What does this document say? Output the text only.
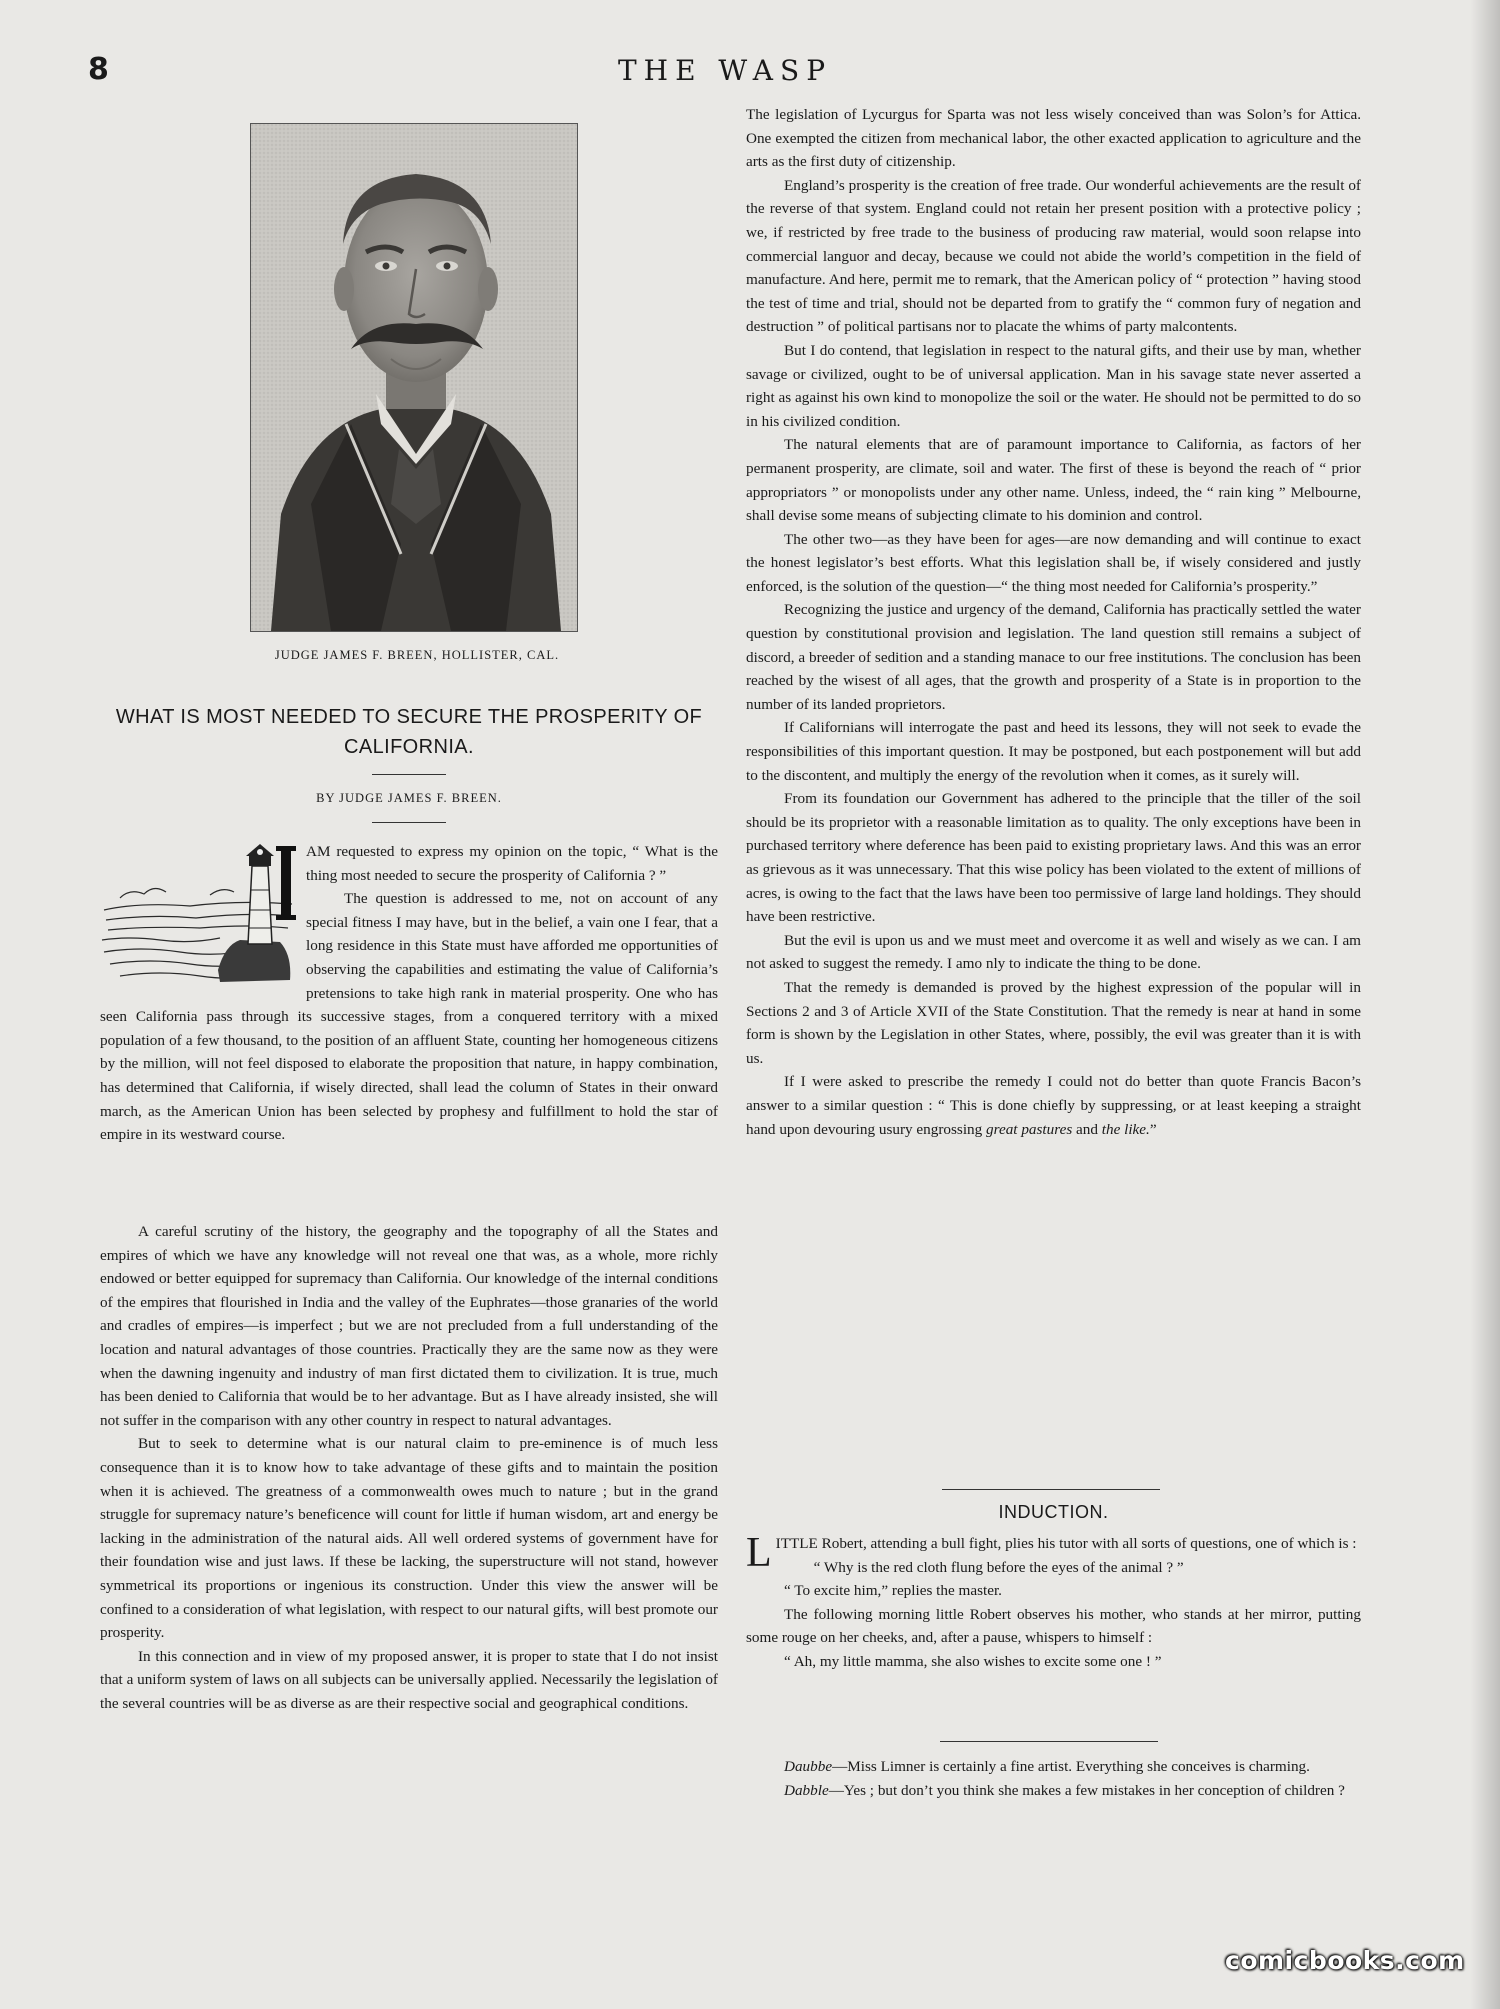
8	THE WASP
JUDGE JAMES F. BREEN, HOLLISTER, CAL.
WHAT IS MOST NEEDED TO SECURE THE PROSPERITY OF CALIFORNIA.
BY JUDGE JAMES F. BREEN.

AM requested to express my opinion on the topic, “ What is the thing most needed to secure the prosperity of California ? ”

The question is addressed to me, not on account of any special fitness I may have, but in the belief, a vain one I fear, that a long residence in this State must have afforded me opportunities of observing the capabilities and estimating the value of California’s pretensions to take high rank in material prosperity. One who has seen California pass through its successive stages, from a conquered territory with a mixed population of a few thousand, to the position of an affluent State, counting her homogeneous citizens by the million, will not feel disposed to elaborate the proposition that nature, in happy combination, has determined that California, if wisely directed, shall lead the column of States in their onward march, as the American Union has been selected by prophesy and fulfillment to hold the star of empire in its westward course.

A careful scrutiny of the history, the geography and the topography of all the States and empires of which we have any knowledge will not reveal one that was, as a whole, more richly endowed or better equipped for supremacy than California. Our knowledge of the internal conditions of the empires that flourished in India and the valley of the Euphrates—those granaries of the world and cradles of empires—is imperfect ; but we are not precluded from a full understanding of the location and natural advantages of those countries. Practically they are the same now as they were when the dawning ingenuity and industry of man first dictated them to civilization. It is true, much has been denied to California that would be to her advantage. But as I have already insisted, she will not suffer in the comparison with any other country in respect to natural advantages.

But to seek to determine what is our natural claim to pre-eminence is of much less consequence than it is to know how to take advantage of these gifts and to maintain the position when it is achieved. The greatness of a commonwealth owes much to nature ; but in the grand struggle for supremacy nature’s beneficence will count for little if human wisdom, art and energy be lacking in the administration of the natural aids. All well ordered systems of government have for their foundation wise and just laws. If these be lacking, the superstructure will not stand, however symmetrical its proportions or ingenious its construction. Under this view the answer will be confined to a consideration of what legislation, with respect to our natural gifts, will best promote our prosperity.

In this connection and in view of my proposed answer, it is proper to state that I do not insist that a uniform system of laws on all subjects can be universally applied. Necessarily the legislation of the several countries will be as diverse as are their respective social and geographical conditions.

The legislation of Lycurgus for Sparta was not less wisely conceived than was Solon’s for Attica. One exempted the citizen from mechanical labor, the other exacted application to agriculture and the arts as the first duty of citizenship.

England’s prosperity is the creation of free trade. Our wonderful achievements are the result of the reverse of that system. England could not retain her present position with a protective policy ; we, if restricted by free trade to the business of producing raw material, would soon relapse into commercial languor and decay, because we could not abide the world’s competition in the field of manufacture. And here, permit me to remark, that the American policy of “ protection ” having stood the test of time and trial, should not be departed from to gratify the “ common fury of negation and destruction ” of political partisans nor to placate the whims of party malcontents.

But I do contend, that legislation in respect to the natural gifts, and their use by man, whether savage or civilized, ought to be of universal application. Man in his savage state never asserted a right as against his own kind to monopolize the soil or the water. He should not be permitted to do so in his civilized condition.

The natural elements that are of paramount importance to California, as factors of her permanent prosperity, are climate, soil and water. The first of these is beyond the reach of “ prior appropriators ” or monopolists under any other name. Unless, indeed, the “ rain king ” Melbourne, shall devise some means of subjecting climate to his dominion and control.

The other two—as they have been for ages—are now demanding and will continue to exact the honest legislator’s best efforts. What this legislation shall be, if wisely considered and justly enforced, is the solution of the question—“ the thing most needed for California’s prosperity.”

Recognizing the justice and urgency of the demand, California has practically settled the water question by constitutional provision and legislation. The land question still remains a subject of discord, a breeder of sedition and a standing manace to our free institutions. The conclusion has been reached by the wisest of all ages, that the growth and prosperity of a State is in proportion to the number of its landed proprietors.

If Californians will interrogate the past and heed its lessons, they will not seek to evade the responsibilities of this important question. It may be postponed, but each postponement will but add to the discontent, and multiply the energy of the revolution when it comes, as it surely will.

From its foundation our Government has adhered to the principle that the tiller of the soil should be its proprietor with a reasonable limitation as to quality. The only exceptions have been in purchased territory where deference has been paid to existing proprietary laws. And this was an error as grievous as it was unnecessary. That this wise policy has been violated to the extent of millions of acres, is owing to the fact that the laws have been too permissive of large land holdings. They should have been restrictive.

But the evil is upon us and we must meet and overcome it as well and wisely as we can. I am not asked to suggest the remedy. I amo nly to indicate the thing to be done.

That the remedy is demanded is proved by the highest expression of the popular will in Sections 2 and 3 of Article XVII of the State Constitution. That the remedy is near at hand in some form is shown by the Legislation in other States, where, possibly, the evil was greater than it is with us.

If I were asked to prescribe the remedy I could not do better than quote Francis Bacon’s answer to a similar question : “ This is done chiefly by suppressing, or at least keeping a straight hand upon devouring usury engrossing great pastures and the like.”

INDUCTION.

LITTLE Robert, attending a bull fight, plies his tutor with all sorts of questions, one of which is :

“ Why is the red cloth flung before the eyes of the animal ? ”

“ To excite him,” replies the master.

The following morning little Robert observes his mother, who stands at her mirror, putting some rouge on her cheeks, and, after a pause, whispers to himself :

“ Ah, my little mamma, she also wishes to excite some one ! ”

Daubbe—Miss Limner is certainly a fine artist. Everything she conceives is charming.

Dabble—Yes ; but don’t you think she makes a few mistakes in her conception of children ?

comicbooks.com
